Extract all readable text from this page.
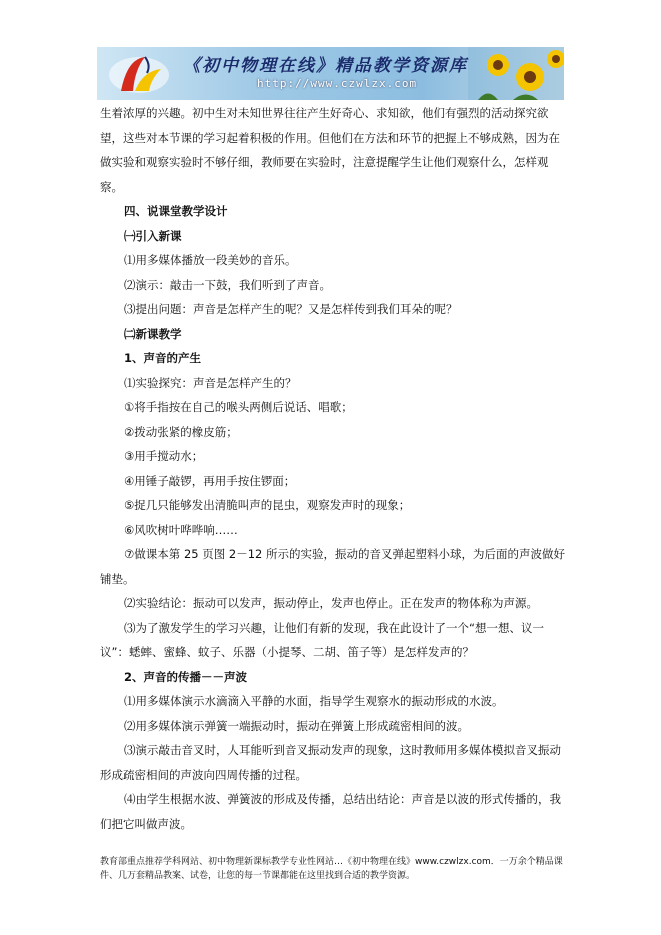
《初中物理在线》精品教学资源库
http://www.czwlzx.com

生着浓厚的兴趣。初中生对未知世界往往产生好奇心、求知欲，他们有强烈的活动探究欲望，这些对本节课的学习起着积极的作用。但他们在方法和环节的把握上不够成熟，因为在做实验和观察实验时不够仔细，教师要在实验时，注意提醒学生让他们观察什么，怎样观察。

四、说课堂教学设计

㈠引入新课

⑴用多媒体播放一段美妙的音乐。

⑵演示：敲击一下鼓，我们听到了声音。

⑶提出问题：声音是怎样产生的呢？又是怎样传到我们耳朵的呢？

㈡新课教学

1、声音的产生

⑴实验探究：声音是怎样产生的？

①将手指按在自己的喉头两侧后说话、唱歌；

②拨动张紧的橡皮筋；

③用手搅动水；

④用锤子敲锣，再用手按住锣面；

⑤捉几只能够发出清脆叫声的昆虫，观察发声时的现象；

⑥风吹树叶哗哗响……

⑦做课本第 25 页图 2－12 所示的实验，振动的音叉弹起塑料小球，为后面的声波做好铺垫。

⑵实验结论：振动可以发声，振动停止，发声也停止。正在发声的物体称为声源。

⑶为了激发学生的学习兴趣，让他们有新的发现，我在此设计了一个“想一想、议一议”：蟋蟀、蜜蜂、蚊子、乐器（小提琴、二胡、笛子等）是怎样发声的？

2、声音的传播－－声波

⑴用多媒体演示水滴滴入平静的水面，指导学生观察水的振动形成的水波。

⑵用多媒体演示弹簧一端振动时，振动在弹簧上形成疏密相间的波。

⑶演示敲击音叉时，人耳能听到音叉振动发声的现象，这时教师用多媒体模拟音叉振动形成疏密相间的声波向四周传播的过程。

⑷由学生根据水波、弹簧波的形成及传播，总结出结论：声音是以波的形式传播的，我们把它叫做声波。

教育部重点推荐学科网站、初中物理新课标教学专业性网站…《初中物理在线》www.czwlzx.com．一万余个精品课件、几万套精品教案、试卷，让您的每一节课都能在这里找到合适的教学资源。
